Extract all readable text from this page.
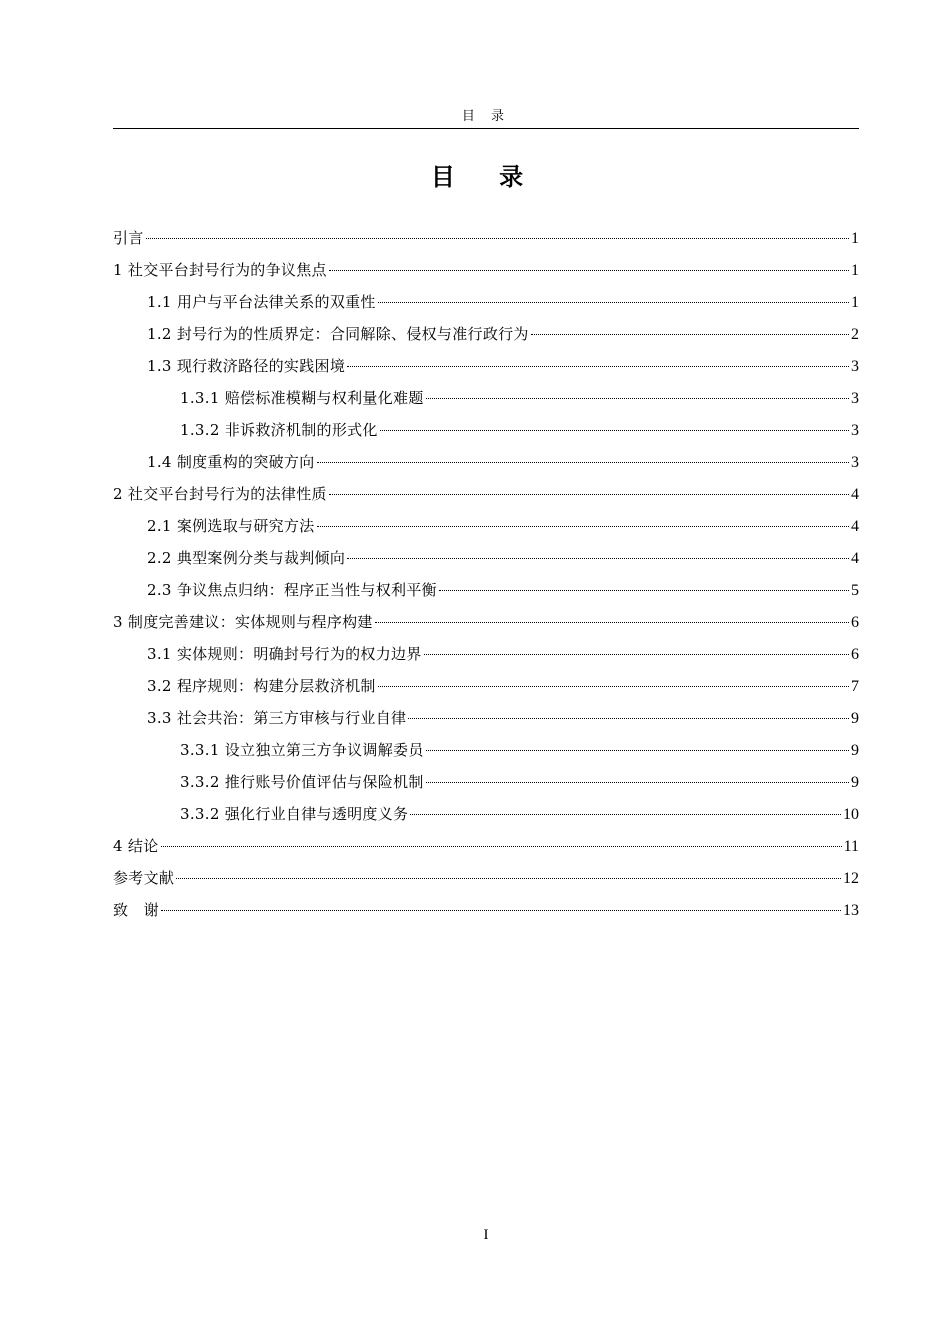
目 录
目 录
引言	1
1 社交平台封号行为的争议焦点	1
1.1 用户与平台法律关系的双重性	1
1.2 封号行为的性质界定：合同解除、侵权与准行政行为	2
1.3 现行救济路径的实践困境	3
1.3.1 赔偿标准模糊与权利量化难题	3
1.3.2 非诉救济机制的形式化	3
1.4 制度重构的突破方向	3
2 社交平台封号行为的法律性质	4
2.1 案例选取与研究方法	4
2.2 典型案例分类与裁判倾向	4
2.3 争议焦点归纳：程序正当性与权利平衡	5
3 制度完善建议：实体规则与程序构建	6
3.1 实体规则：明确封号行为的权力边界	6
3.2 程序规则：构建分层救济机制	7
3.3 社会共治：第三方审核与行业自律	9
3.3.1 设立独立第三方争议调解委员	9
3.3.2 推行账号价值评估与保险机制	9
3.3.2 强化行业自律与透明度义务	10
4 结论	11
参考文献	12
致　谢	13
I
